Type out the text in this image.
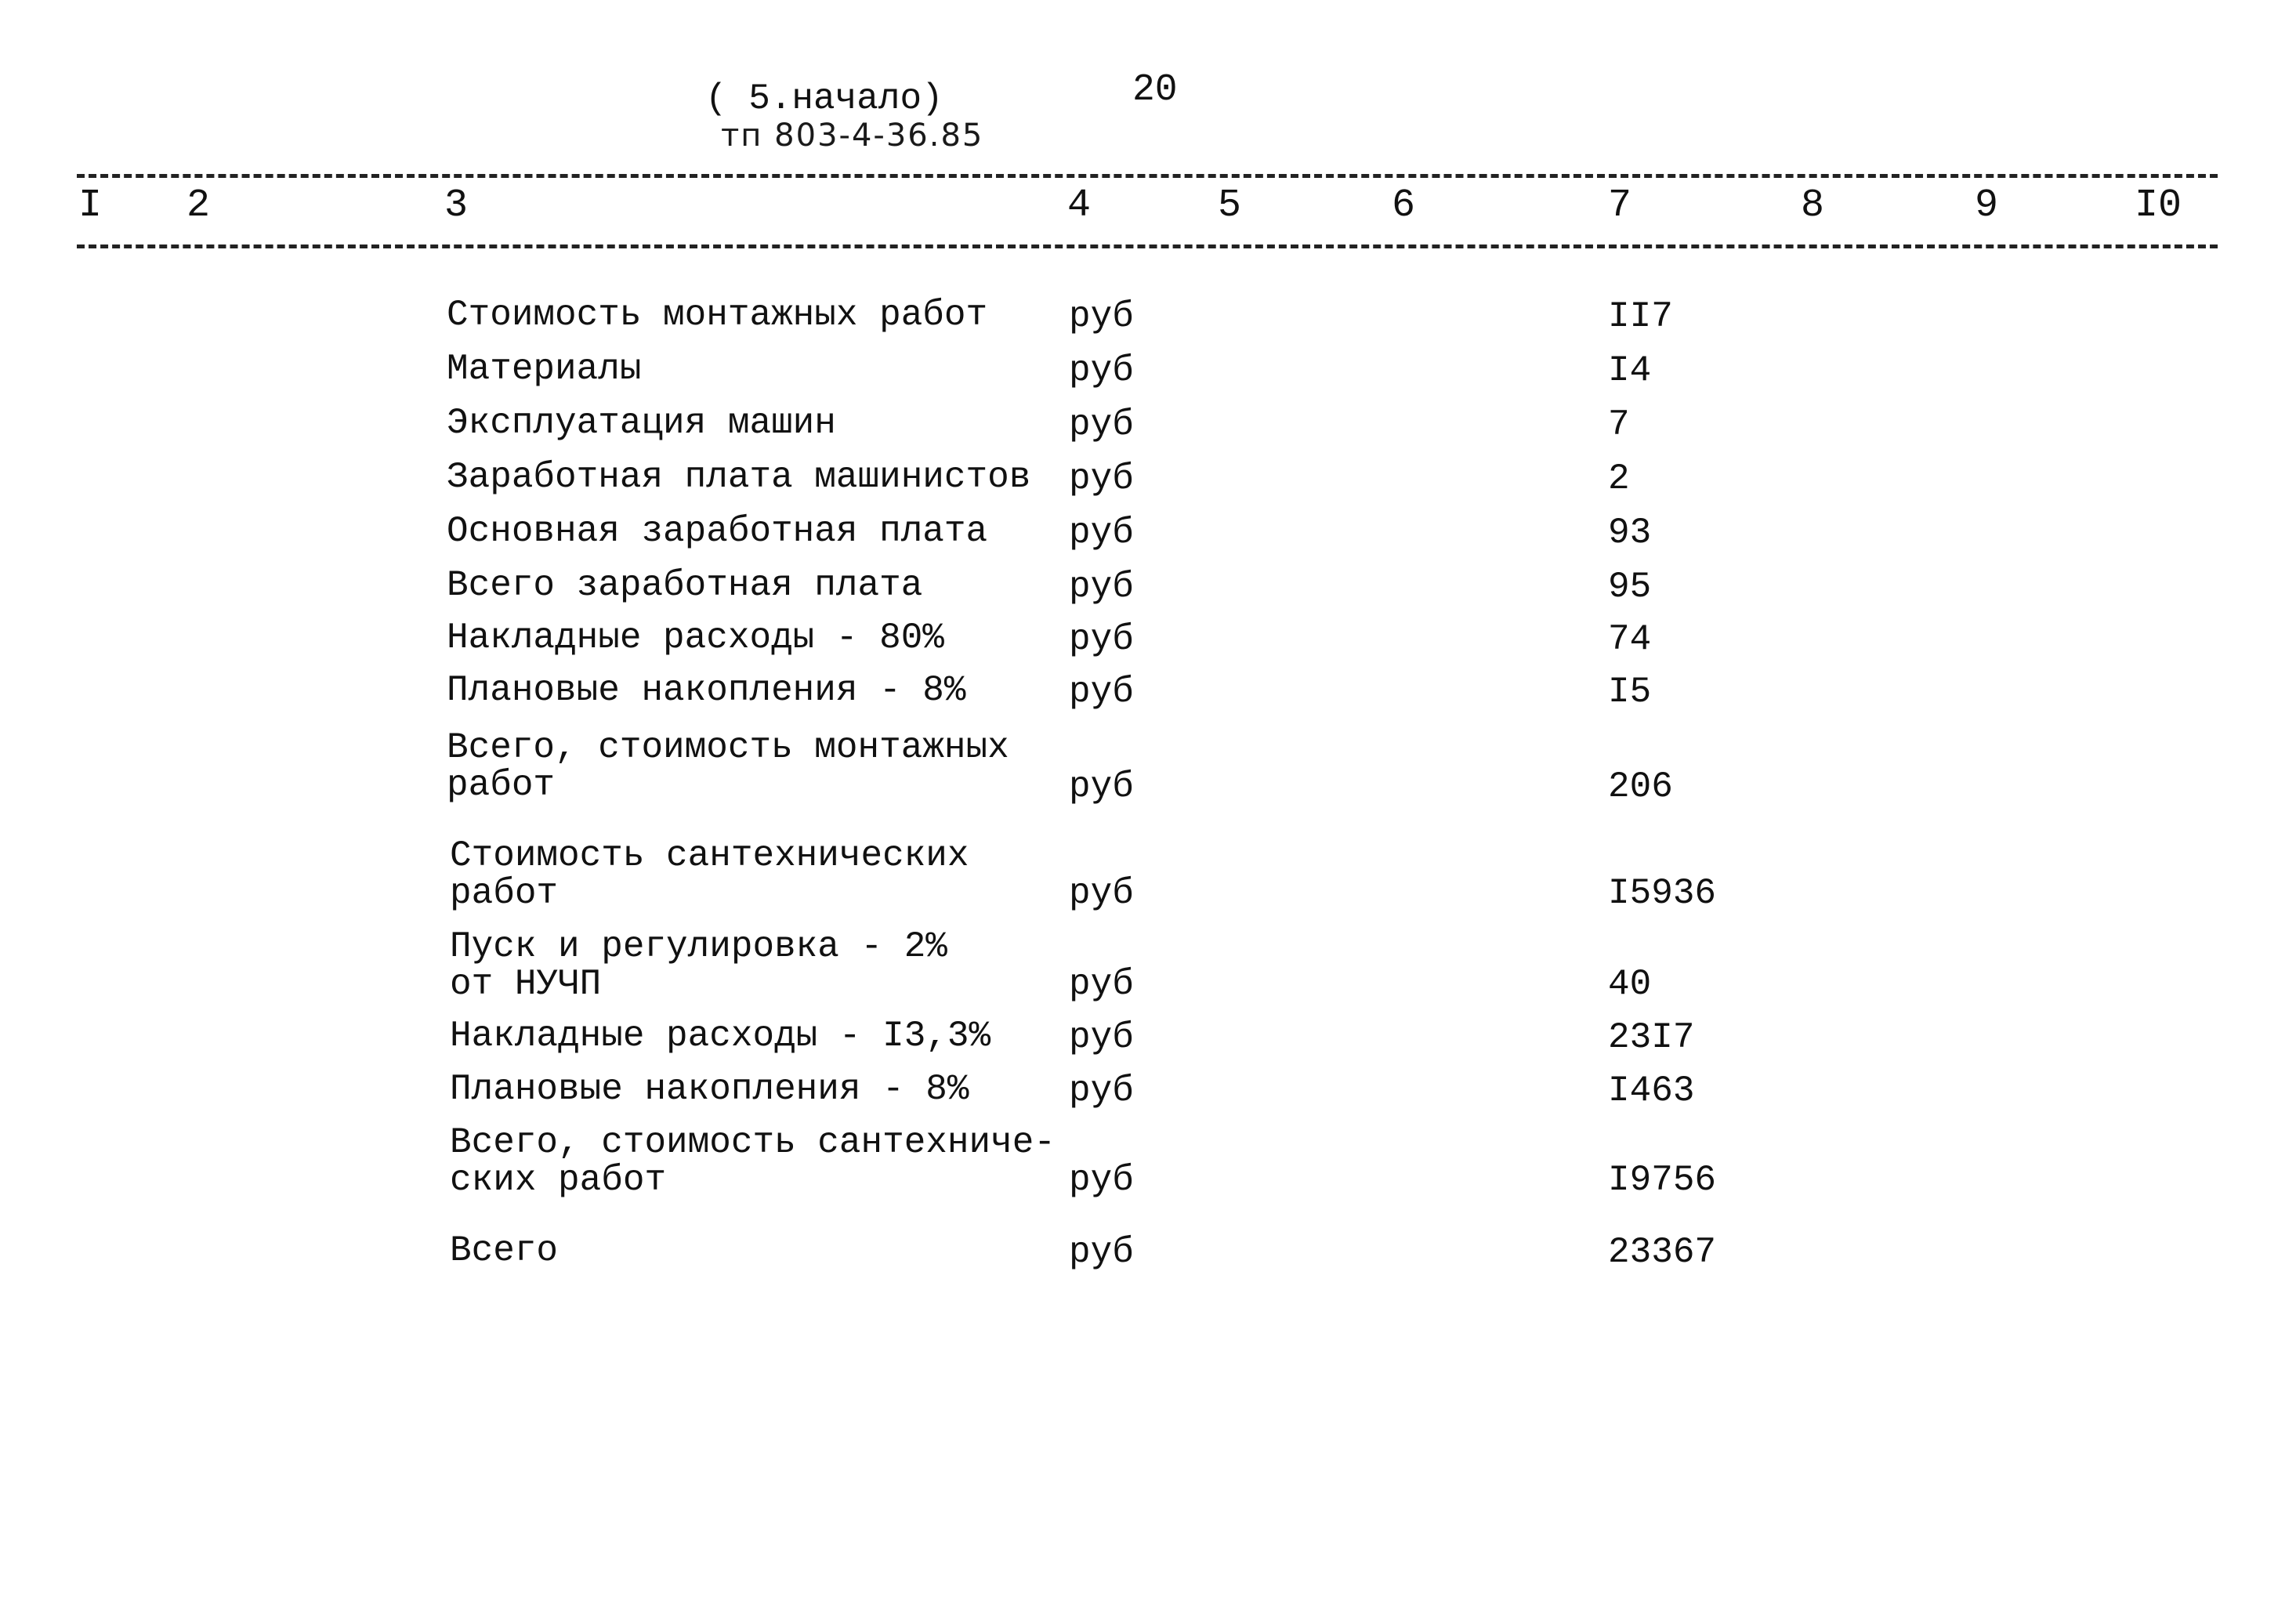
( 5.начало)	20
тп 803-4-36.85
I 2	3	4	5	6	7	8	9	I0
Стоимость монтажных работ руб	II7
Материалы	руб	I4
Эксплуатация машин	руб	7
Заработная плата машинистов руб	2
Основная заработная плата руб	93
Всего заработная плата	руб	95
Накладные расходы - 80%	руб	74
Плановые накопления - 8%	руб	I5
Всего, стоимость монтажных
работ	руб	206
Стоимость сантехнических
работ	руб	I5936
Пуск и регулировка - 2%
от НУЧП	руб	40
Накладные расходы - I3,3% руб	23I7
Плановые накопления - 8%	руб	I463
Всего, стоимость сантехниче-
ских работ	руб	I9756
Всего	руб	23367
